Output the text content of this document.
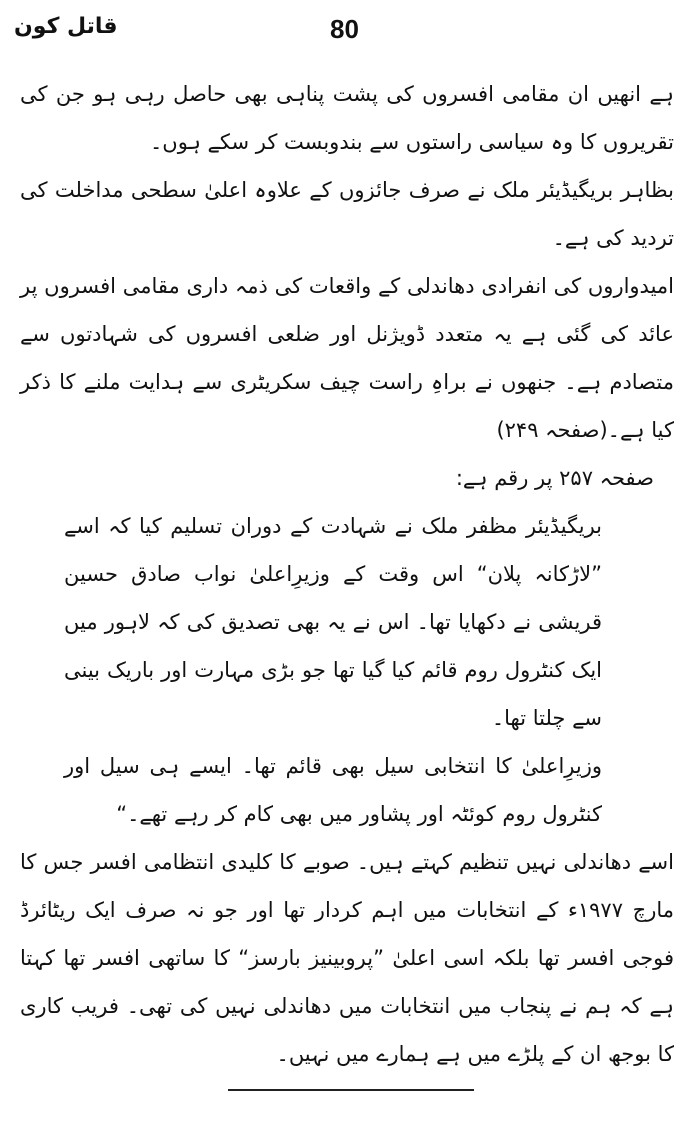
80
قاتل کون

ہے انھیں ان مقامی افسروں کی پشت پناہی بھی حاصل رہی ہو جن کی تقریروں کا وہ سیاسی راستوں سے بندوبست کر سکے ہوں۔

بظاہر بریگیڈیئر ملک نے صرف جائزوں کے علاوہ اعلیٰ سطحی مداخلت کی تردید کی ہے۔

امیدواروں کی انفرادی دھاندلی کے واقعات کی ذمہ داری مقامی افسروں پر عائد کی گئی ہے یہ متعدد ڈویژنل اور ضلعی افسروں کی شہادتوں سے متصادم ہے۔ جنھوں نے براہِ راست چیف سکریٹری سے ہدایت ملنے کا ذکر کیا ہے۔(صفحہ ۲۴۹)

صفحہ ۲۵۷ پر رقم ہے:

بریگیڈیئر مظفر ملک نے شہادت کے دوران تسلیم کیا کہ اسے ”لاڑکانہ پلان“ اس وقت کے وزیرِاعلیٰ نواب صادق حسین قریشی نے دکھایا تھا۔ اس نے یہ بھی تصدیق کی کہ لاہور میں ایک کنٹرول روم قائم کیا گیا تھا جو بڑی مہارت اور باریک بینی سے چلتا تھا۔

وزیرِاعلیٰ کا انتخابی سیل بھی قائم تھا۔ ایسے ہی سیل اور کنٹرول روم کوئٹہ اور پشاور میں بھی کام کر رہے تھے۔“

اسے دھاندلی نہیں تنظیم کہتے ہیں۔ صوبے کا کلیدی انتظامی افسر جس کا مارچ ۱۹۷۷ء کے انتخابات میں اہم کردار تھا اور جو نہ صرف ایک ریٹائرڈ فوجی افسر تھا بلکہ اسی اعلیٰ ”پروبینیز بارسز“ کا ساتھی افسر تھا کہتا ہے کہ ہم نے پنجاب میں انتخابات میں دھاندلی نہیں کی تھی۔ فریب کاری کا بوجھ ان کے پلڑے میں ہے ہمارے میں نہیں۔
